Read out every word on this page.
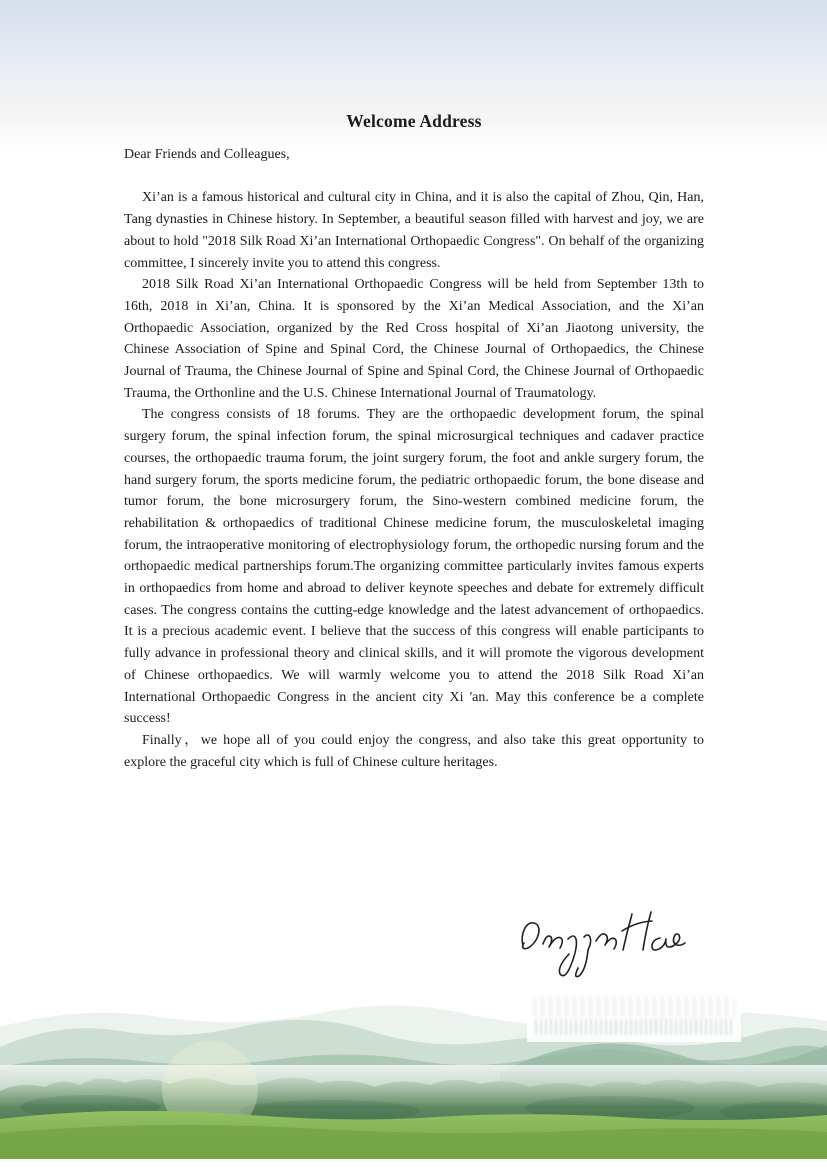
Welcome Address

Dear Friends and Colleagues,

Xi’an is a famous historical and cultural city in China, and it is also the capital of Zhou, Qin, Han, Tang dynasties in Chinese history. In September, a beautiful season filled with harvest and joy, we are about to hold "2018 Silk Road Xi’an International Orthopaedic Congress". On behalf of the organizing committee, I sincerely invite you to attend this congress.

2018 Silk Road Xi’an International Orthopaedic Congress will be held from September 13th to 16th, 2018 in Xi’an, China. It is sponsored by the Xi’an Medical Association, and the Xi’an Orthopaedic Association, organized by the Red Cross hospital of Xi’an Jiaotong university, the Chinese Association of Spine and Spinal Cord, the Chinese Journal of Orthopaedics, the Chinese Journal of Trauma, the Chinese Journal of Spine and Spinal Cord, the Chinese Journal of Orthopaedic Trauma, the Orthonline and the U.S. Chinese International Journal of Traumatology.

The congress consists of 18 forums. They are the orthopaedic development forum, the spinal surgery forum, the spinal infection forum, the spinal microsurgical techniques and cadaver practice courses, the orthopaedic trauma forum, the joint surgery forum, the foot and ankle surgery forum, the hand surgery forum, the sports medicine forum, the pediatric orthopaedic forum, the bone disease and tumor forum, the bone microsurgery forum, the Sino-western combined medicine forum, the rehabilitation & orthopaedics of traditional Chinese medicine forum, the musculoskeletal imaging forum, the intraoperative monitoring of electrophysiology forum, the orthopedic nursing forum and the orthopaedic medical partnerships forum.The organizing committee particularly invites famous experts in orthopaedics from home and abroad to deliver keynote speeches and debate for extremely difficult cases. The congress contains the cutting-edge knowledge and the latest advancement of orthopaedics. It is a precious academic event. I believe that the success of this congress will enable participants to fully advance in professional theory and clinical skills, and it will promote the vigorous development of Chinese orthopaedics. We will warmly welcome you to attend the 2018 Silk Road Xi’an International Orthopaedic Congress in the ancient city Xi 'an. May this conference be a complete success!

Finally，we hope all of you could enjoy the congress, and also take this great opportunity to explore the graceful city which is full of Chinese culture heritages.
